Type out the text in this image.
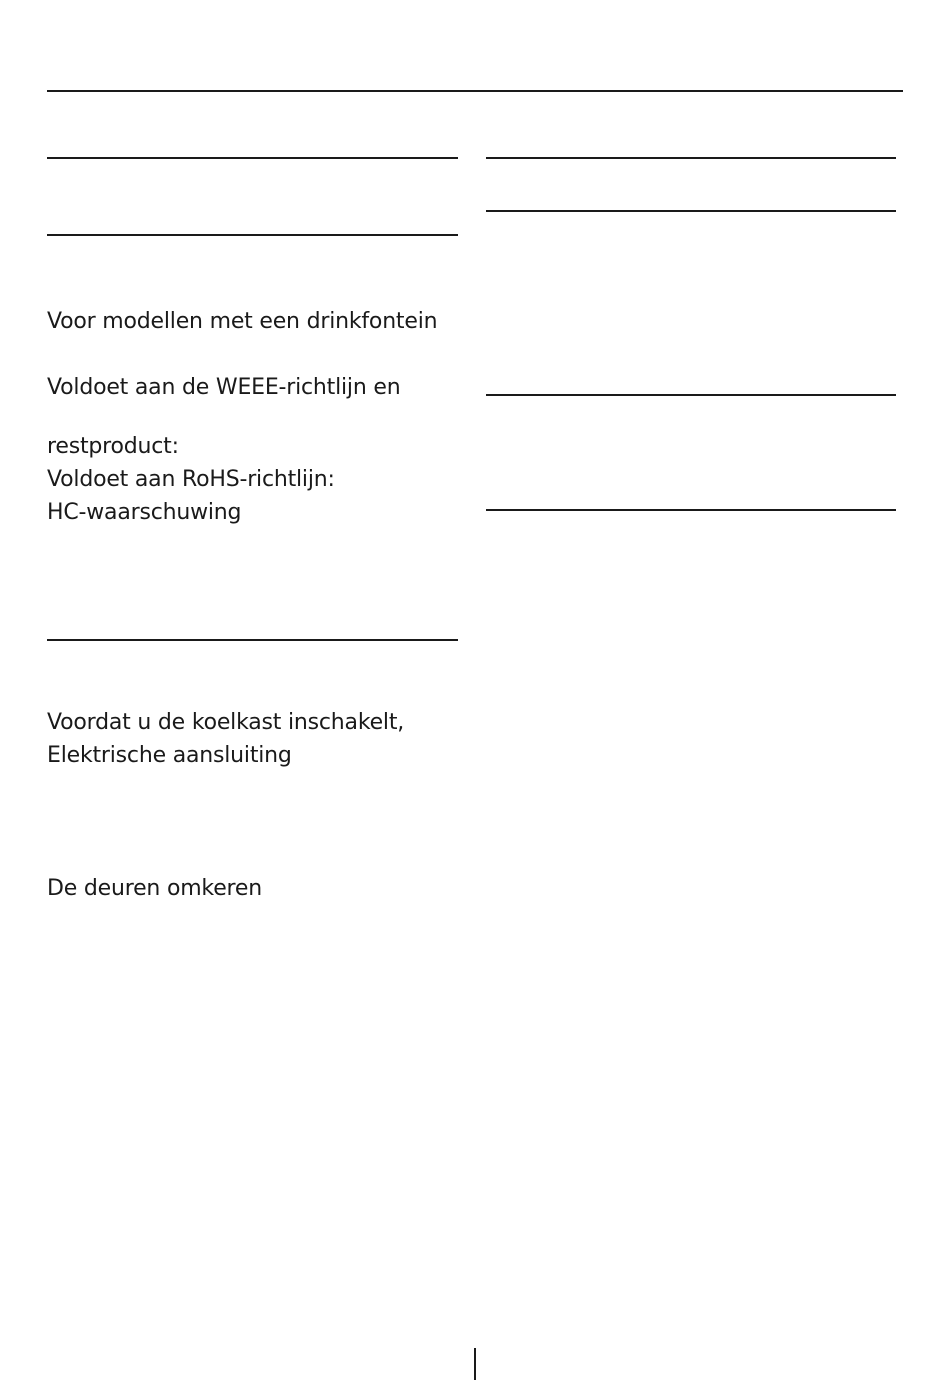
Voor modellen met een drinkfontein
Voldoet aan de WEEE-richtlijn en
restproduct:
Voldoet aan RoHS-richtlijn:
HC-waarschuwing
Voordat u de koelkast inschakelt,
Elektrische aansluiting
De deuren omkeren
